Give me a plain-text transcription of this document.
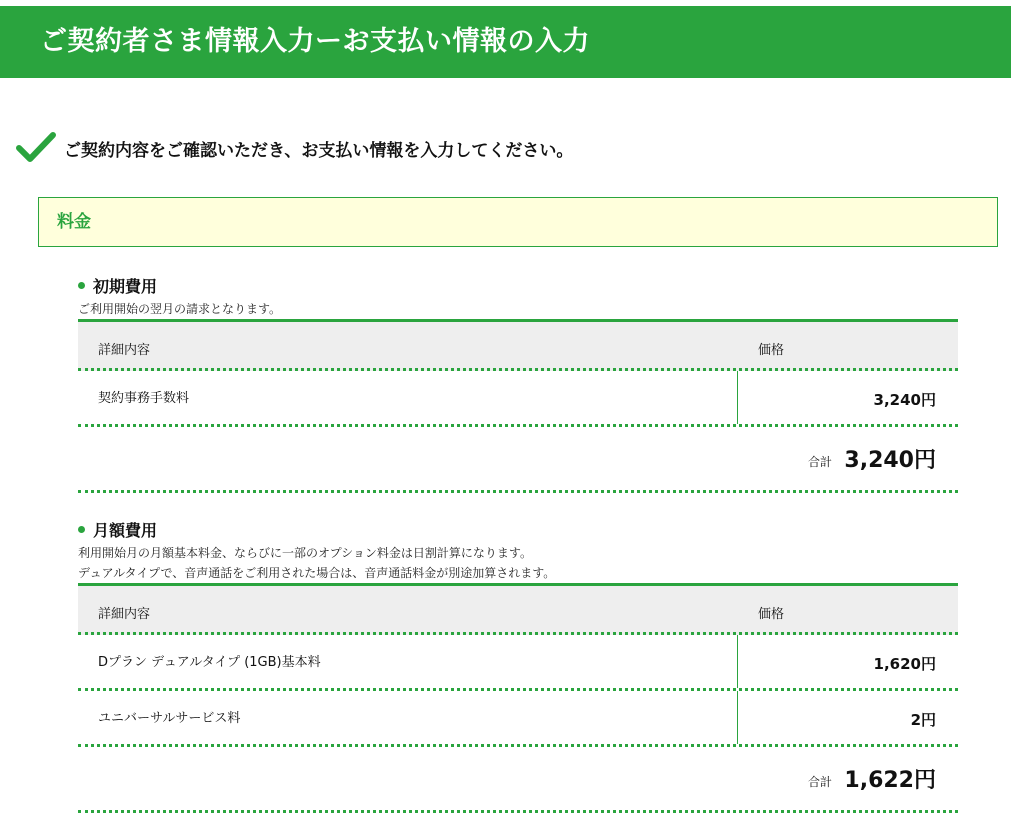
ご契約者さま情報入力ーお支払い情報の入力
ご契約内容をご確認いただき、お支払い情報を入力してください。
料金
初期費用
ご利用開始の翌月の請求となります。
詳細内容	価格
契約事務手数料	3,240円
合計 3,240円
月額費用
利用開始月の月額基本料金、ならびに一部のオプション料金は日割計算になります。
デュアルタイプで、音声通話をご利用された場合は、音声通話料金が別途加算されます。
詳細内容	価格
Dプラン デュアルタイプ (1GB)基本料	1,620円
ユニバーサルサービス料	2円
合計 1,622円
